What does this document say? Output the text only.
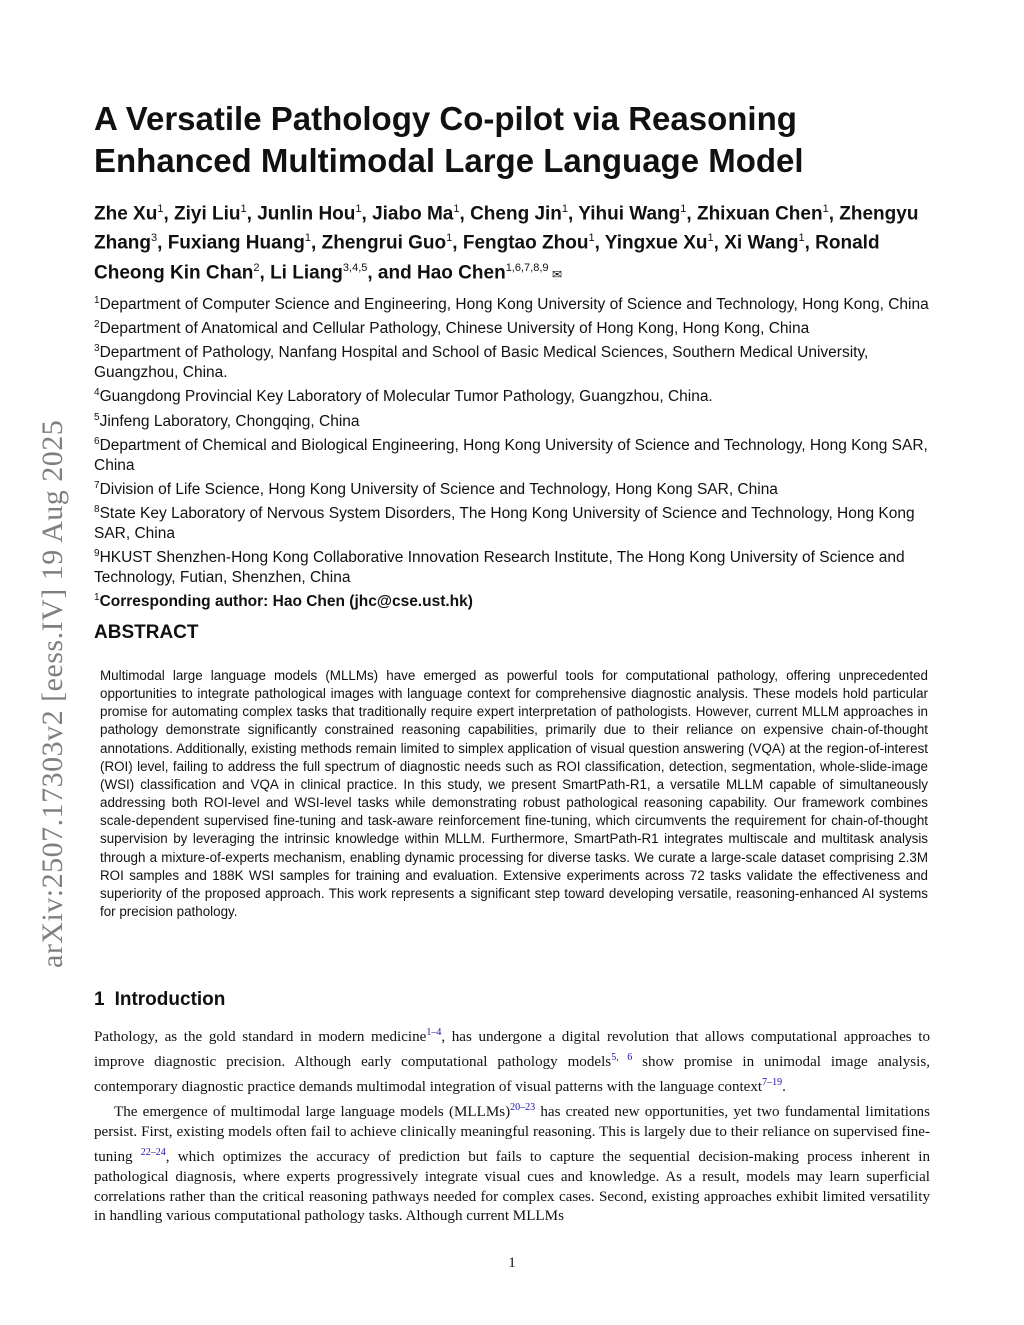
arXiv:2507.17303v2 [eess.IV] 19 Aug 2025
A Versatile Pathology Co-pilot via Reasoning Enhanced Multimodal Large Language Model
Zhe Xu$^1$, Ziyi Liu$^1$, Junlin Hou$^1$, Jiabo Ma$^1$, Cheng Jin$^1$, Yihui Wang$^1$, Zhixuan Chen$^1$, Zhengyu Zhang$^3$, Fuxiang Huang$^1$, Zhengrui Guo$^1$, Fengtao Zhou$^1$, Yingxue Xu$^1$, Xi Wang$^1$, Ronald Cheong Kin Chan$^2$, Li Liang$^{3,4,5}$, and Hao Chen$^{1,6,7,8,9}$ ✉
$^1$Department of Computer Science and Engineering, Hong Kong University of Science and Technology, Hong Kong, China
$^2$Department of Anatomical and Cellular Pathology, Chinese University of Hong Kong, Hong Kong, China
$^3$Department of Pathology, Nanfang Hospital and School of Basic Medical Sciences, Southern Medical University, Guangzhou, China.
$^4$Guangdong Provincial Key Laboratory of Molecular Tumor Pathology, Guangzhou, China.
$^5$Jinfeng Laboratory, Chongqing, China
$^6$Department of Chemical and Biological Engineering, Hong Kong University of Science and Technology, Hong Kong SAR, China
$^7$Division of Life Science, Hong Kong University of Science and Technology, Hong Kong SAR, China
$^8$State Key Laboratory of Nervous System Disorders, The Hong Kong University of Science and Technology, Hong Kong SAR, China
$^9$HKUST Shenzhen-Hong Kong Collaborative Innovation Research Institute, The Hong Kong University of Science and Technology, Futian, Shenzhen, China
$^1$Corresponding author: Hao Chen (jhc@cse.ust.hk)
ABSTRACT

Multimodal large language models (MLLMs) have emerged as powerful tools for computational pathology, offering unprecedented opportunities to integrate pathological images with language context for comprehensive diagnostic analysis. These models hold particular promise for automating complex tasks that traditionally require expert interpretation of pathologists. However, current MLLM approaches in pathology demonstrate significantly constrained reasoning capabilities, primarily due to their reliance on expensive chain-of-thought annotations. Additionally, existing methods remain limited to simplex application of visual question answering (VQA) at the region-of-interest (ROI) level, failing to address the full spectrum of diagnostic needs such as ROI classification, detection, segmentation, whole-slide-image (WSI) classification and VQA in clinical practice. In this study, we present SmartPath-R1, a versatile MLLM capable of simultaneously addressing both ROI-level and WSI-level tasks while demonstrating robust pathological reasoning capability. Our framework combines scale-dependent supervised fine-tuning and task-aware reinforcement fine-tuning, which circumvents the requirement for chain-of-thought supervision by leveraging the intrinsic knowledge within MLLM. Furthermore, SmartPath-R1 integrates multiscale and multitask analysis through a mixture-of-experts mechanism, enabling dynamic processing for diverse tasks. We curate a large-scale dataset comprising 2.3M ROI samples and 188K WSI samples for training and evaluation. Extensive experiments across 72 tasks validate the effectiveness and superiority of the proposed approach. This work represents a significant step toward developing versatile, reasoning-enhanced AI systems for precision pathology.

1 Introduction

Pathology, as the gold standard in modern medicine$^{1-4}$, has undergone a digital revolution that allows computational approaches to improve diagnostic precision. Although early computational pathology models$^{5, 6}$ show promise in unimodal image analysis, contemporary diagnostic practice demands multimodal integration of visual patterns with the language context$^{7-19}$.

The emergence of multimodal large language models (MLLMs)$^{20-23}$ has created new opportunities, yet two fundamental limitations persist. First, existing models often fail to achieve clinically meaningful reasoning. This is largely due to their reliance on supervised fine-tuning $^{22-24}$, which optimizes the accuracy of prediction but fails to capture the sequential decision-making process inherent in pathological diagnosis, where experts progressively integrate visual cues and knowledge. As a result, models may learn superficial correlations rather than the critical reasoning pathways needed for complex cases. Second, existing approaches exhibit limited versatility in handling various computational pathology tasks. Although current MLLMs

1
